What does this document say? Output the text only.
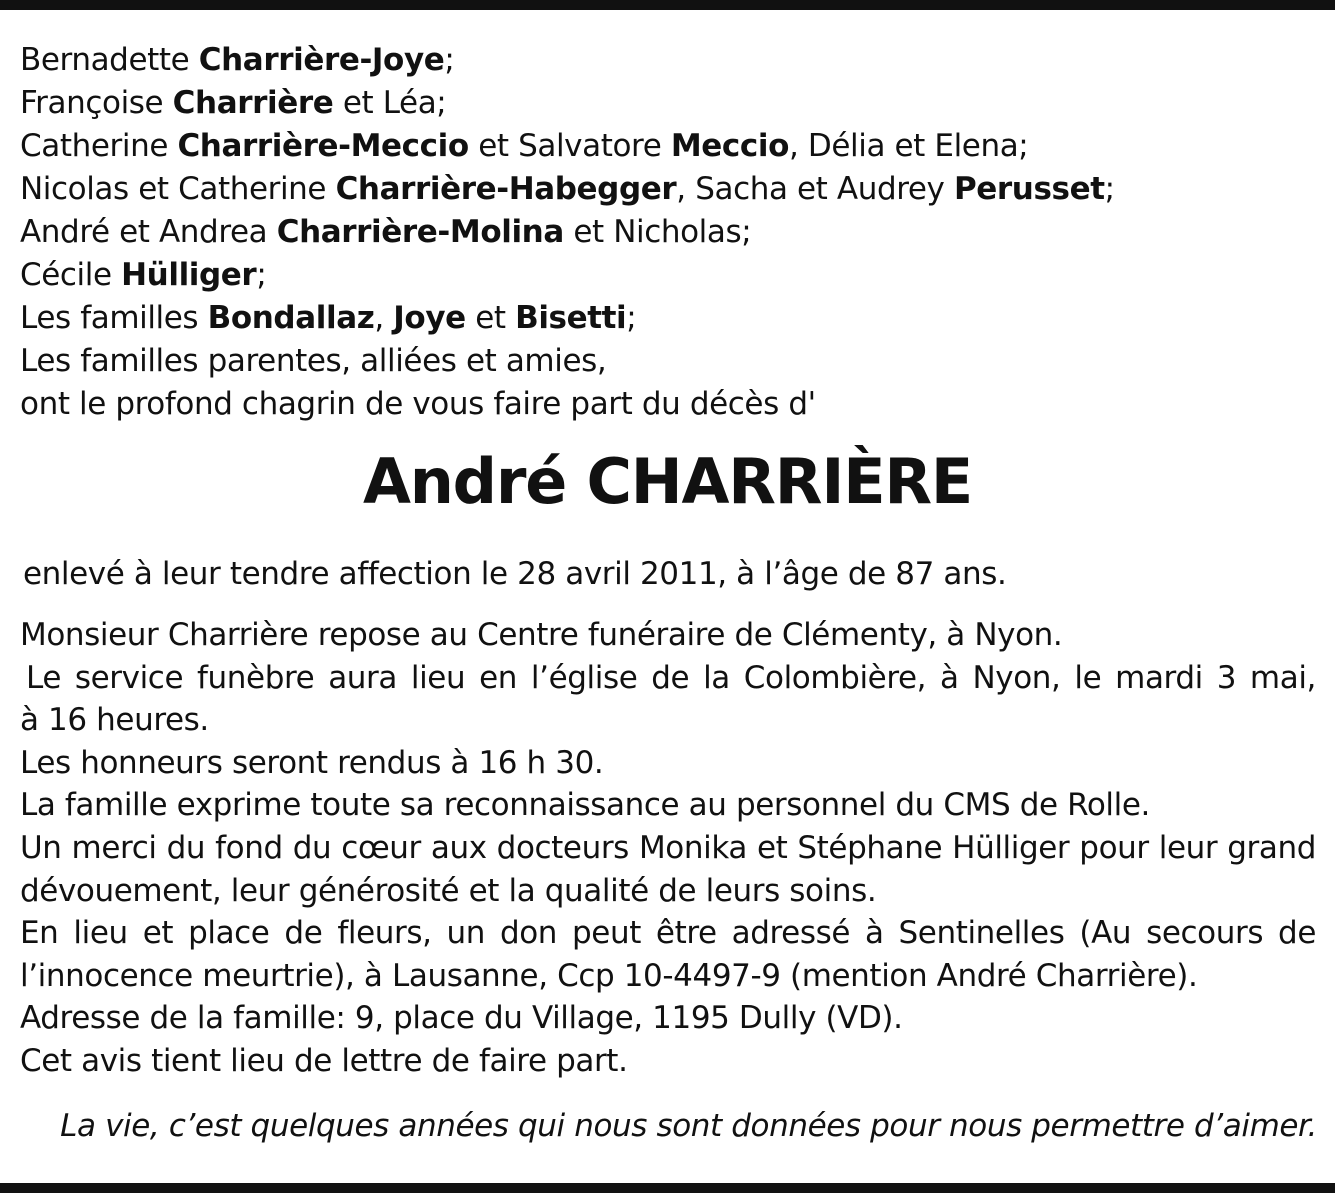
Bernadette Charrière-Joye;
Françoise Charrière et Léa;
Catherine Charrière-Meccio et Salvatore Meccio, Délia et Elena;
Nicolas et Catherine Charrière-Habegger, Sacha et Audrey Perusset;
André et Andrea Charrière-Molina et Nicholas;
Cécile Hülliger;
Les familles Bondallaz, Joye et Bisetti;
Les familles parentes, alliées et amies,
ont le profond chagrin de vous faire part du décès d'
André CHARRIÈRE
enlevé à leur tendre affection le 28 avril 2011, à l’âge de 87 ans.
Monsieur Charrière repose au Centre funéraire de Clémenty, à Nyon.
Le service funèbre aura lieu en l’église de la Colombière, à Nyon, le mardi 3 mai,
à 16 heures.
Les honneurs seront rendus à 16 h 30.
La famille exprime toute sa reconnaissance au personnel du CMS de Rolle.
Un merci du fond du cœur aux docteurs Monika et Stéphane Hülliger pour leur grand
dévouement, leur générosité et la qualité de leurs soins.
En lieu et place de fleurs, un don peut être adressé à Sentinelles (Au secours de
l’innocence meurtrie), à Lausanne, Ccp 10-4497-9 (mention André Charrière).
Adresse de la famille: 9, place du Village, 1195 Dully (VD).
Cet avis tient lieu de lettre de faire part.
La vie, c’est quelques années qui nous sont données pour nous permettre d’aimer.
